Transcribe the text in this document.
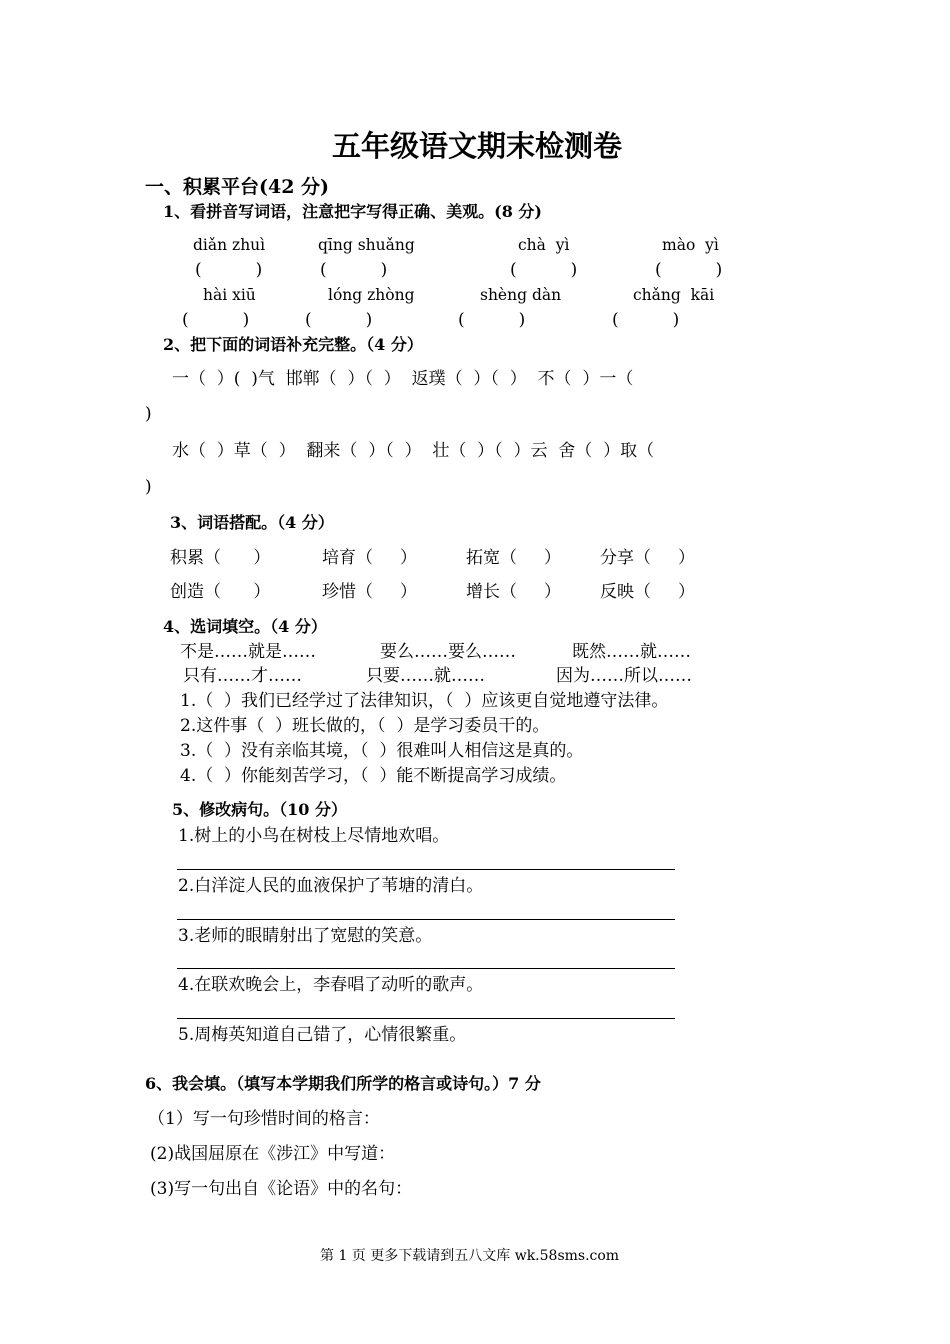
五年级语文期末检测卷
一、积累平台(42 分)
1、看拼音写词语，注意把字写得正确、美观。(8 分)
diǎn zhuì	qīng shuǎng	chà  yì	mào  yì
(          )	(          )	(          )	(          )
hài xiū	lóng zhòng	shèng dàn	chǎng  kāi
(          )	(          )	(          )	(          )
2、把下面的词语补充完整。（4 分）
一（  ）(  )气  邯郸（  ）（  ）  返璞（  ）（  ）  不（  ）一（
)
水（  ）草（  ）  翻来（  ）（  ）  壮（  ）（  ）云  舍（  ）取（
)
3、词语搭配。（4 分）
积累（      ）	培育（     ）	拓宽（     ） 分享（     ）
创造（      ）	珍惜（     ）	增长（     ） 反映（     ）
4、选词填空。（4 分）
不是……就是……	要么……要么……	既然……就……
只有……才……	只要……就……	因为……所以……
1.（  ）我们已经学过了法律知识，（  ）应该更自觉地遵守法律。
2.这件事（  ）班长做的，（  ）是学习委员干的。
3.（  ）没有亲临其境，（  ）很难叫人相信这是真的。
4.（  ）你能刻苦学习，（  ）能不断提高学习成绩。
5、修改病句。（10 分）
1.树上的小鸟在树枝上尽情地欢唱。
2.白洋淀人民的血液保护了苇塘的清白。
3.老师的眼睛射出了宽慰的笑意。
4.在联欢晚会上，李春唱了动听的歌声。
5.周梅英知道自己错了，心情很繁重。
6、我会填。（填写本学期我们所学的格言或诗句。）7 分
（1）写一句珍惜时间的格言：
(2)战国屈原在《涉江》中写道：
(3)写一句出自《论语》中的名句：
第 1 页 更多下载请到五八文库 wk.58sms.com
